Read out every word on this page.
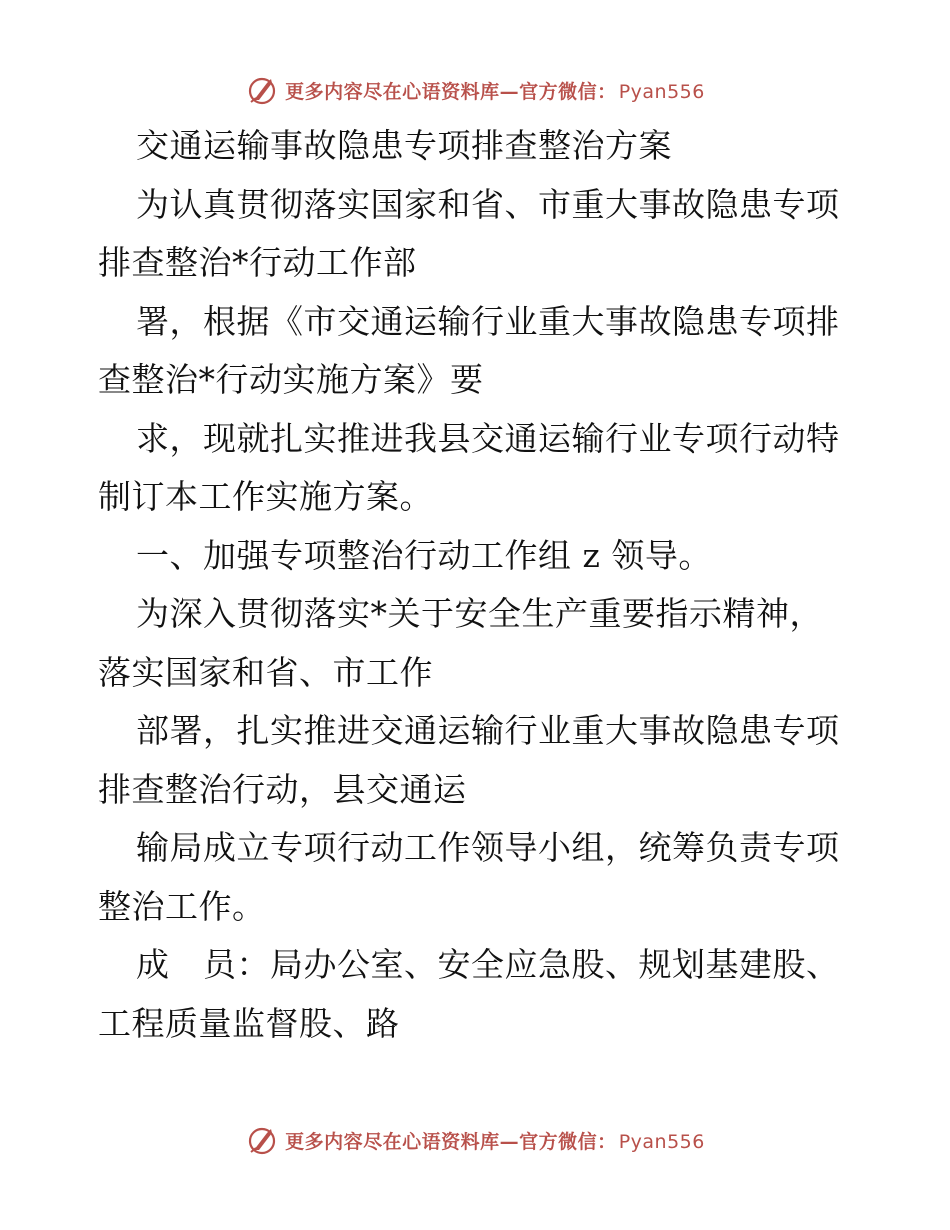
更多内容尽在心语资料库—官方微信： Pyan556
交通运输事故隐患专项排查整治方案
为认真贯彻落实国家和省、市重大事故隐患专项
排查整治*行动工作部
署，根据《市交通运输行业重大事故隐患专项排
查整治*行动实施方案》要
求，现就扎实推进我县交通运输行业专项行动特
制订本工作实施方案。
一、加强专项整治行动工作组 z 领导。
为深入贯彻落实*关于安全生产重要指示精神，
落实国家和省、市工作
部署，扎实推进交通运输行业重大事故隐患专项
排查整治行动，县交通运
输局成立专项行动工作领导小组，统筹负责专项
整治工作。
成　员：局办公室、安全应急股、规划基建股、
工程质量监督股、路
更多内容尽在心语资料库—官方微信： Pyan556
